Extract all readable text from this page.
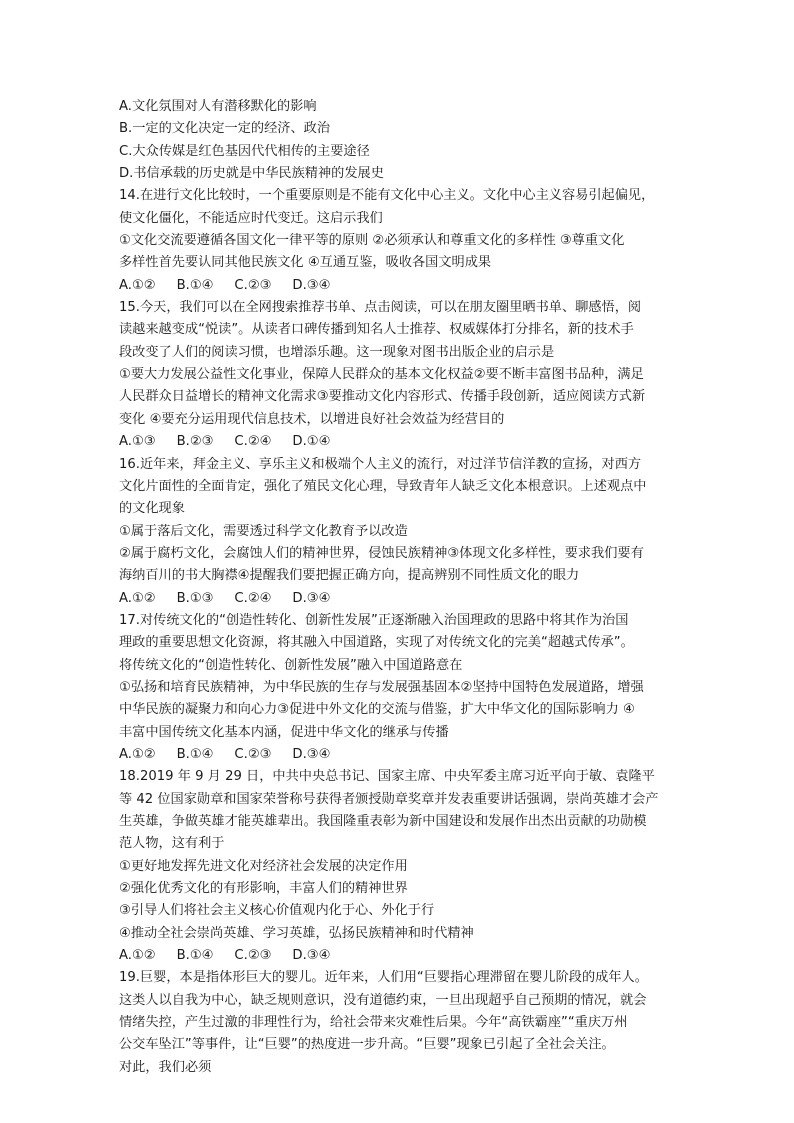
A.文化氛围对人有潜移默化的影响
B.一定的文化决定一定的经济、政治
C.大众传媒是红色基因代代相传的主要途径
D.书信承载的历史就是中华民族精神的发展史
14.在进行文化比较时，一个重要原则是不能有文化中心主义。文化中心主义容易引起偏见，
使文化僵化，不能适应时代变迁。这启示我们
①文化交流要遵循各国文化一律平等的原则 ②必须承认和尊重文化的多样性 ③尊重文化
多样性首先要认同其他民族文化 ④互通互鉴，吸收各国文明成果
A.①②     B.①④     C.②③     D.③④
15.今天，我们可以在全网搜索推荐书单、点击阅读，可以在朋友圈里晒书单、聊感悟，阅
读越来越变成“悦读”。从读者口碑传播到知名人士推荐、权威媒体打分排名，新的技术手
段改变了人们的阅读习惯，也增添乐趣。这一现象对图书出版企业的启示是
①要大力发展公益性文化事业，保障人民群众的基本文化权益②要不断丰富图书品种，满足
人民群众日益增长的精神文化需求③要推动文化内容形式、传播手段创新，适应阅读方式新
变化 ④要充分运用现代信息技术，以增进良好社会效益为经营目的
A.①③     B.②③     C.②④     D.①④
16.近年来，拜金主义、享乐主义和极端个人主义的流行，对过洋节信洋教的宣扬，对西方
文化片面性的全面肯定，强化了殖民文化心理，导致青年人缺乏文化本根意识。上述观点中
的文化现象
①属于落后文化，需要透过科学文化教育予以改造
②属于腐朽文化，会腐蚀人们的精神世界，侵蚀民族精神③体现文化多样性，要求我们要有
海纳百川的书大胸襟④提醒我们要把握正确方向，提高辨别不同性质文化的眼力
A.①②     B.①③     C.②④     D.③④
17.对传统文化的“创造性转化、创新性发展”正逐渐融入治国理政的思路中将其作为治国
理政的重要思想文化资源，将其融入中国道路，实现了对传统文化的完美“超越式传承”。
将传统文化的“创造性转化、创新性发展”融入中国道路意在
①弘扬和培育民族精神，为中华民族的生存与发展强基固本②坚持中国特色发展道路，增强
中华民族的凝聚力和向心力③促进中外文化的交流与借鉴，扩大中华文化的国际影响力 ④
丰富中国传统文化基本内涵，促进中华文化的继承与传播
A.①②     B.①④     C.②③     D.③④
18.2019 年 9 月 29 日，中共中央总书记、国家主席、中央军委主席习近平向于敏、袁隆平
等 42 位国家勋章和国家荣誉称号获得者颁授勋章奖章并发表重要讲话强调，崇尚英雄才会产
生英雄，争做英雄才能英雄辈出。我国隆重表彰为新中国建设和发展作出杰出贡献的功勋模
范人物，这有利于
①更好地发挥先进文化对经济社会发展的决定作用
②强化优秀文化的有形影响，丰富人们的精神世界
③引导人们将社会主义核心价值观内化于心、外化于行
④推动全社会崇尚英雄、学习英雄，弘扬民族精神和时代精神
A.①②     B.①④     C.②③     D.③④
19.巨婴，本是指体形巨大的婴儿。近年来，人们用“巨婴指心理滞留在婴儿阶段的成年人。
这类人以自我为中心，缺乏规则意识，没有道德约束，一旦出现超乎自己预期的情况，就会
情绪失控，产生过激的非理性行为，给社会带来灾难性后果。今年“高铁霸座”“重庆万州
公交车坠江”等事件，让“巨婴”的热度进一步升高。“巨婴”现象已引起了全社会关注。
对此，我们必须
